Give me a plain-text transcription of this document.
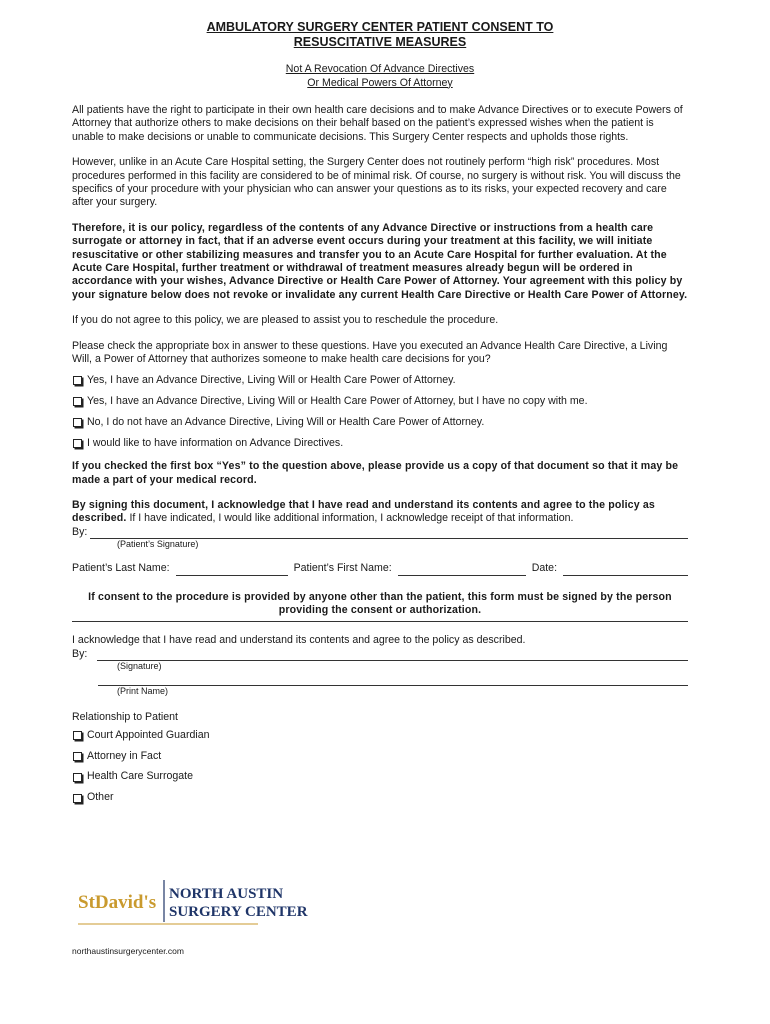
AMBULATORY SURGERY CENTER PATIENT CONSENT TO
RESUSCITATIVE MEASURES
Not A Revocation Of Advance Directives
Or Medical Powers Of Attorney

All patients have the right to participate in their own health care decisions and to make Advance Directives or to execute Powers of Attorney that authorize others to make decisions on their behalf based on the patient’s expressed wishes when the patient is unable to make decisions or unable to communicate decisions. This Surgery Center respects and upholds those rights.

However, unlike in an Acute Care Hospital setting, the Surgery Center does not routinely perform “high risk” procedures. Most procedures performed in this facility are considered to be of minimal risk. Of course, no surgery is without risk. You will discuss the specifics of your procedure with your physician who can answer your questions as to its risks, your expected recovery and care after your surgery.

Therefore, it is our policy, regardless of the contents of any Advance Directive or instructions from a health care surrogate or attorney in fact, that if an adverse event occurs during your treatment at this facility, we will initiate resuscitative or other stabilizing measures and transfer you to an Acute Care Hospital for further evaluation. At the Acute Care Hospital, further treatment or withdrawal of treatment measures already begun will be ordered in accordance with your wishes, Advance Directive or Health Care Power of Attorney. Your agreement with this policy by your signature below does not revoke or invalidate any current Health Care Directive or Health Care Power of Attorney.

If you do not agree to this policy, we are pleased to assist you to reschedule the procedure.

Please check the appropriate box in answer to these questions. Have you executed an Advance Health Care Directive, a Living Will, a Power of Attorney that authorizes someone to make health care decisions for you?

Yes, I have an Advance Directive, Living Will or Health Care Power of Attorney.
Yes, I have an Advance Directive, Living Will or Health Care Power of Attorney, but I have no copy with me.
No, I do not have an Advance Directive, Living Will or Health Care Power of Attorney.
I would like to have information on Advance Directives.

If you checked the first box “Yes” to the question above, please provide us a copy of that document so that it may be made a part of your medical record.

By signing this document, I acknowledge that I have read and understand its contents and agree to the policy as described. If I have indicated, I would like additional information, I acknowledge receipt of that information.

By:
(Patient’s Signature)
Patient’s Last Name:	Patient’s First Name:	Date:

If consent to the procedure is provided by anyone other than the patient, this form must be signed by the person providing the consent or authorization.

I acknowledge that I have read and understand its contents and agree to the policy as described.

By:
(Signature)
(Print Name)

Relationship to Patient

Court Appointed Guardian
Attorney in Fact
Health Care Surrogate
Other
StDavid's NORTH AUSTIN
SURGERY CENTER
northaustinsurgerycenter.com
